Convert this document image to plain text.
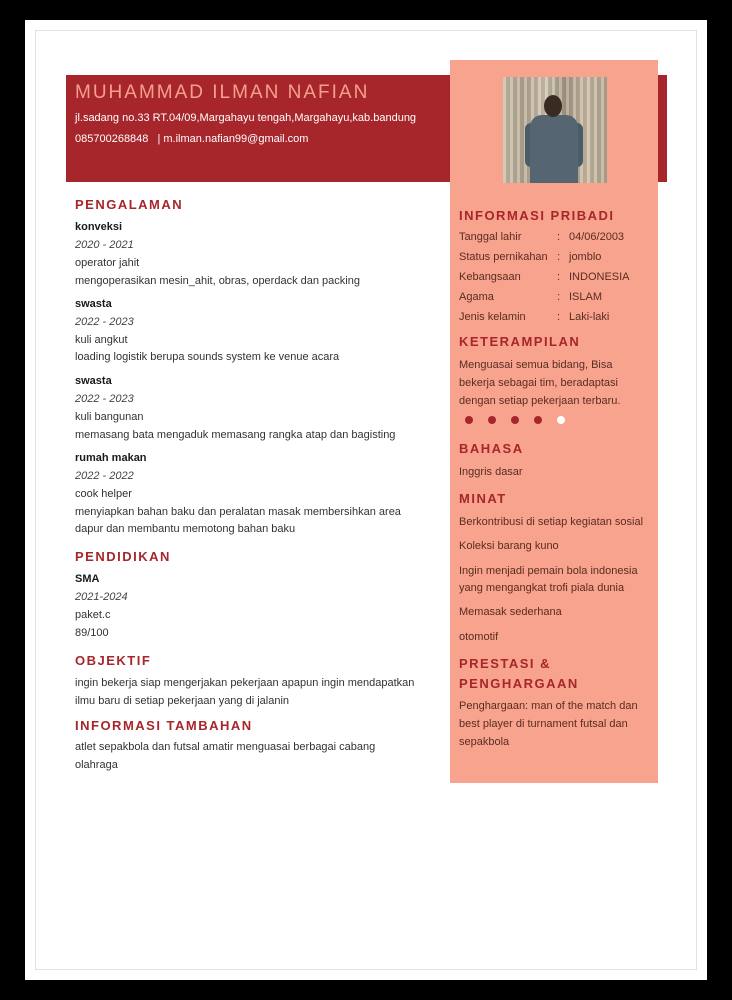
MUHAMMAD ILMAN NAFIAN
jl.sadang no.33 RT.04/09,Margahayu tengah,Margahayu,kab.bandung
085700268848 | m.ilman.nafian99@gmail.com
PENGALAMAN
konveksi
2020 - 2021
operator jahit
mengoperasikan mesin_ahit, obras, operdack dan packing
swasta
2022 - 2023
kuli angkut
loading logistik berupa sounds system ke venue acara
swasta
2022 - 2023
kuli bangunan
memasang bata mengaduk memasang rangka atap dan bagisting
rumah makan
2022 - 2022
cook helper
menyiapkan bahan baku dan peralatan masak membersihkan area
dapur dan membantu memotong bahan baku
PENDIDIKAN
SMA
2021-2024
paket.c
89/100
OBJEKTIF
ingin bekerja siap mengerjakan pekerjaan apapun ingin mendapatkan
ilmu baru di setiap pekerjaan yang di jalanin
INFORMASI TAMBAHAN
atlet sepakbola dan futsal amatir menguasai berbagai cabang
olahraga
INFORMASI PRIBADI
Tanggal lahir	: 04/06/2003
Status pernikahan : jomblo
Kebangsaan	: INDONESIA
Agama	: ISLAM
Jenis kelamin	: Laki-laki
KETERAMPILAN
Menguasai semua bidang, Bisa
bekerja sebagai tim, beradaptasi
dengan setiap pekerjaan terbaru.
BAHASA
Inggris dasar
MINAT
Berkontribusi di setiap kegiatan sosial
Koleksi barang kuno
Ingin menjadi pemain bola indonesia
yang mengangkat trofi piala dunia
Memasak sederhana
otomotif
PRESTASI &
PENGHARGAAN
Penghargaan: man of the match dan
best player di turnament futsal dan
sepakbola
